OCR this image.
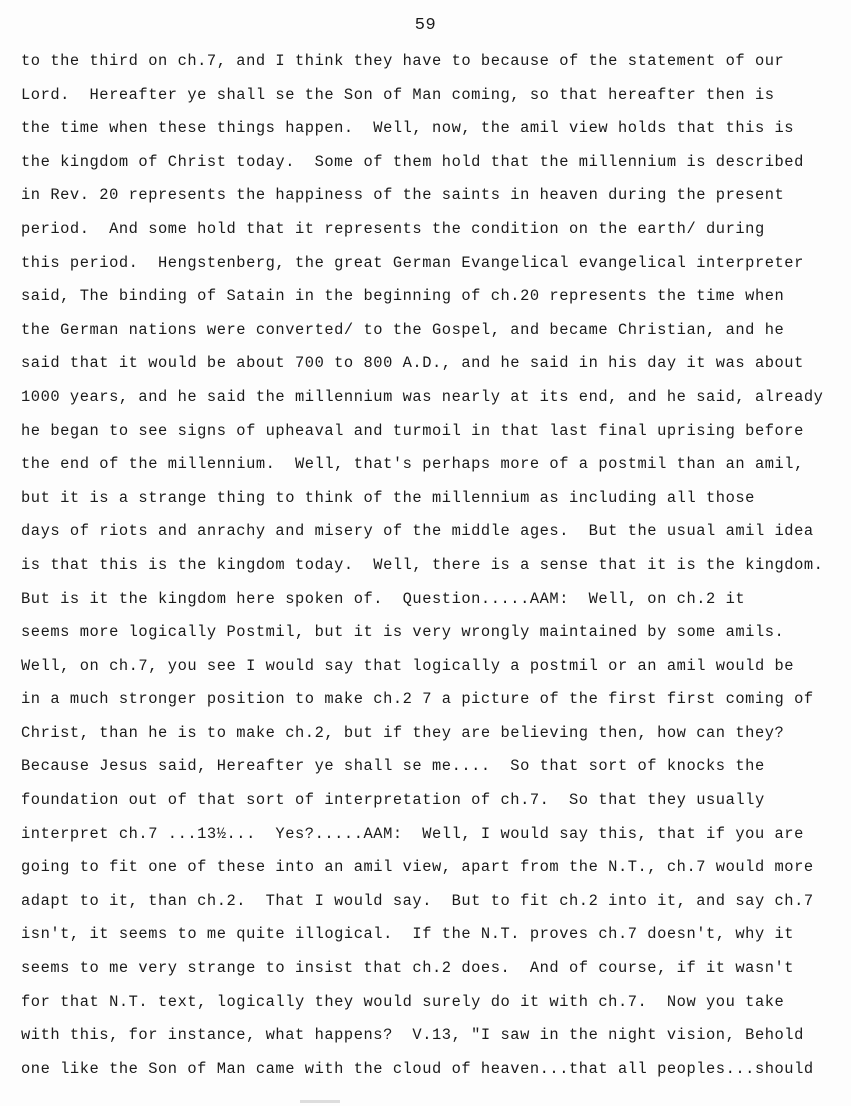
59
to the third on ch.7, and I think they have to because of the statement of our
Lord.  Hereafter ye shall se the Son of Man coming, so that hereafter then is
the time when these things happen.  Well, now, the amil view holds that this is
the kingdom of Christ today.  Some of them hold that the millennium is described
in Rev. 20 represents the happiness of the saints in heaven during the present
period.  And some hold that it represents the condition on the earth/ during
this period.  Hengstenberg, the great German Evangelical evangelical interpreter
said, The binding of Satain in the beginning of ch.20 represents the time when
the German nations were converted/ to the Gospel, and became Christian, and he
said that it would be about 700 to 800 A.D., and he said in his day it was about
1000 years, and he said the millennium was nearly at its end, and he said, already
he began to see signs of upheaval and turmoil in that last final uprising before
the end of the millennium.  Well, that's perhaps more of a postmil than an amil,
but it is a strange thing to think of the millennium as including all those
days of riots and anrachy and misery of the middle ages.  But the usual amil idea
is that this is the kingdom today.  Well, there is a sense that it is the kingdom.
But is it the kingdom here spoken of.  Question.....AAM:  Well, on ch.2 it
seems more logically Postmil, but it is very wrongly maintained by some amils.
Well, on ch.7, you see I would say that logically a postmil or an amil would be
in a much stronger position to make ch.2 7 a picture of the first first coming of
Christ, than he is to make ch.2, but if they are believing then, how can they?
Because Jesus said, Hereafter ye shall se me....  So that sort of knocks the
foundation out of that sort of interpretation of ch.7.  So that they usually
interpret ch.7 ...13½...  Yes?.....AAM:  Well, I would say this, that if you are
going to fit one of these into an amil view, apart from the N.T., ch.7 would more
adapt to it, than ch.2.  That I would say.  But to fit ch.2 into it, and say ch.7
isn't, it seems to me quite illogical.  If the N.T. proves ch.7 doesn't, why it
seems to me very strange to insist that ch.2 does.  And of course, if it wasn't
for that N.T. text, logically they would surely do it with ch.7.  Now you take
with this, for instance, what happens?  V.13, "I saw in the night vision, Behold
one like the Son of Man came with the cloud of heaven...that all peoples...should
